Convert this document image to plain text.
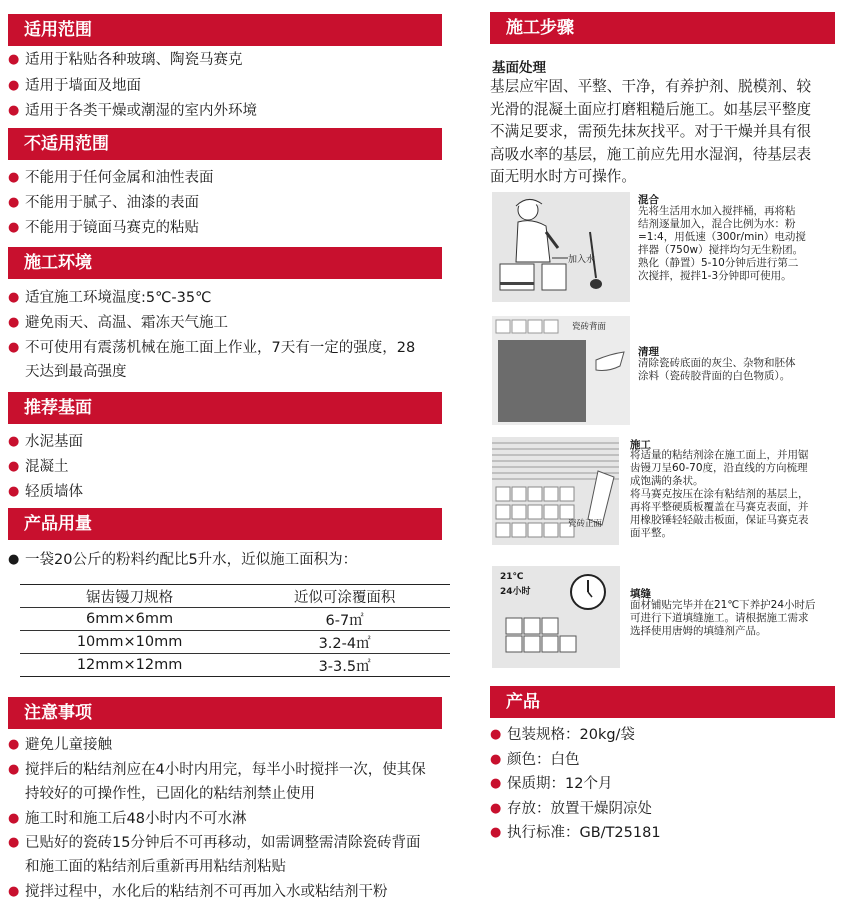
适用范围
● 适用于粘贴各种玻璃、陶瓷马赛克
● 适用于墙面及地面
● 适用于各类干燥或潮湿的室内外环境
不适用范围
● 不能用于任何金属和油性表面
● 不能用于腻子、油漆的表面
● 不能用于镜面马赛克的粘贴
施工环境
● 适宜施工环境温度:5℃-35℃
● 避免雨天、高温、霜冻天气施工
● 不可使用有震荡机械在施工面上作业，7天有一定的强度，28
天达到最高强度
推荐基面
● 水泥基面
● 混凝土
● 轻质墙体
产品用量
● 一袋20公斤的粉料约配比5升水，近似施工面积为：
锯齿镘刀规格	近似可涂覆面积
6mm×6mm	6-7㎡
10mm×10mm	3.2-4㎡
12mm×12mm	3-3.5㎡
注意事项
● 避免儿童接触
● 搅拌后的粘结剂应在4小时内用完，每半小时搅拌一次，使其保
持较好的可操作性，已固化的粘结剂禁止使用
● 施工时和施工后48小时内不可水淋
● 已贴好的瓷砖15分钟后不可再移动，如需调整需清除瓷砖背面
和施工面的粘结剂后重新再用粘结剂粘贴
● 搅拌过程中，水化后的粘结剂不可再加入水或粘结剂干粉
施工步骤
基面处理
基层应牢固、平整、干净，有养护剂、脱模剂、较
光滑的混凝土面应打磨粗糙后施工。如基层平整度
不满足要求，需预先抹灰找平。对于干燥并具有很
高吸水率的基层，施工前应先用水湿润，待基层表
面无明水时方可操作。
加入水
混合
先将生活用水加入搅拌桶，再将粘
结剂逐量加入，混合比例为水：粉
=1:4，用低速（300r/min）电动搅
拌器（750w）搅拌均匀无生粉团。
熟化（静置）5-10分钟后进行第二
次搅拌，搅拌1-3分钟即可使用。
瓷砖背面
清理
清除瓷砖底面的灰尘、杂物和胚体
涂料（瓷砖胶背面的白色物质）。
瓷砖正面
施工
将适量的粘结剂涂在施工面上，并用锯
齿镘刀呈60-70度，沿直线的方向梳理
成饱满的条状。
将马赛克按压在涂有粘结剂的基层上，
再将平整硬质板覆盖在马赛克表面，并
用橡胶锤轻轻敲击板面，保证马赛克表
面平整。
21℃
24小时	填缝
面材铺贴完毕并在21℃下养护24小时后
可进行下道填缝施工。请根据施工需求
选择使用唐姆的填缝剂产品。
产品
● 包装规格：20kg/袋
● 颜色：白色
● 保质期：12个月
● 存放：放置干燥阴凉处
● 执行标准：GB/T25181
